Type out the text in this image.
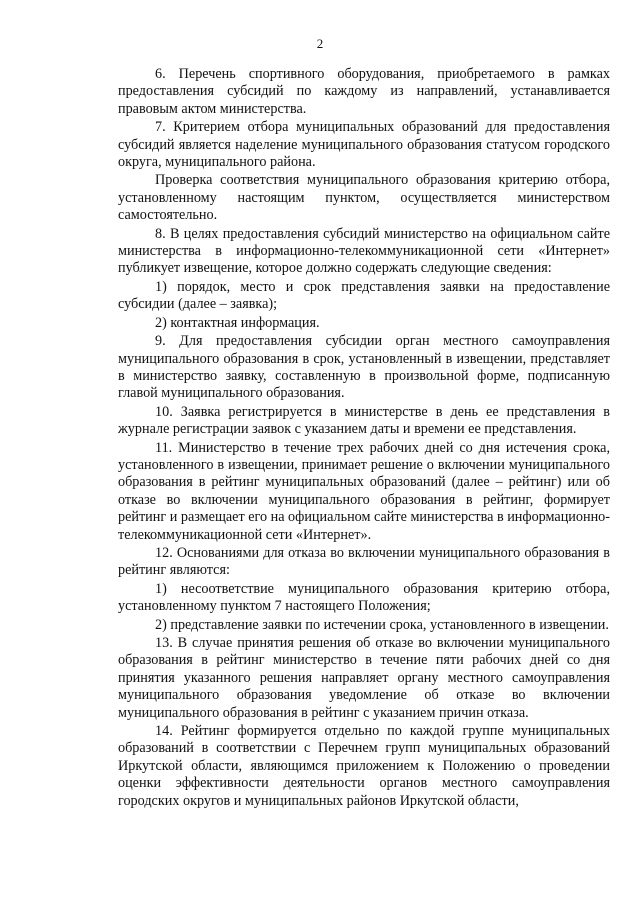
2

6. Перечень спортивного оборудования, приобретаемого в рамках предоставления субсидий по каждому из направлений, устанавливается правовым актом министерства.

7. Критерием отбора муниципальных образований для предоставления субсидий является наделение муниципального образования статусом городского округа, муниципального района.

Проверка соответствия муниципального образования критерию отбора, установленному настоящим пунктом, осуществляется министерством самостоятельно.

8. В целях предоставления субсидий министерство на официальном сайте министерства в информационно-телекоммуникационной сети «Интернет» публикует извещение, которое должно содержать следующие сведения:

1) порядок, место и срок представления заявки на предоставление субсидии (далее – заявка);

2) контактная информация.

9. Для предоставления субсидии орган местного самоуправления муниципального образования в срок, установленный в извещении, представляет в министерство заявку, составленную в произвольной форме, подписанную главой муниципального образования.

10. Заявка регистрируется в министерстве в день ее представления в журнале регистрации заявок с указанием даты и времени ее представления.

11. Министерство в течение трех рабочих дней со дня истечения срока, установленного в извещении, принимает решение о включении муниципального образования в рейтинг муниципальных образований (далее – рейтинг) или об отказе во включении муниципального образования в рейтинг, формирует рейтинг и размещает его на официальном сайте министерства в информационно-телекоммуникационной сети «Интернет».

12. Основаниями для отказа во включении муниципального образования в рейтинг являются:

1) несоответствие муниципального образования критерию отбора, установленному пунктом 7 настоящего Положения;

2) представление заявки по истечении срока, установленного в извещении.

13. В случае принятия решения об отказе во включении муниципального образования в рейтинг министерство в течение пяти рабочих дней со дня принятия указанного решения направляет органу местного самоуправления муниципального образования уведомление об отказе во включении муниципального образования в рейтинг с указанием причин отказа.

14. Рейтинг формируется отдельно по каждой группе муниципальных образований в соответствии с Перечнем групп муниципальных образований Иркутской области, являющимся приложением к Положению о проведении оценки эффективности деятельности органов местного самоуправления городских округов и муниципальных районов Иркутской области,
